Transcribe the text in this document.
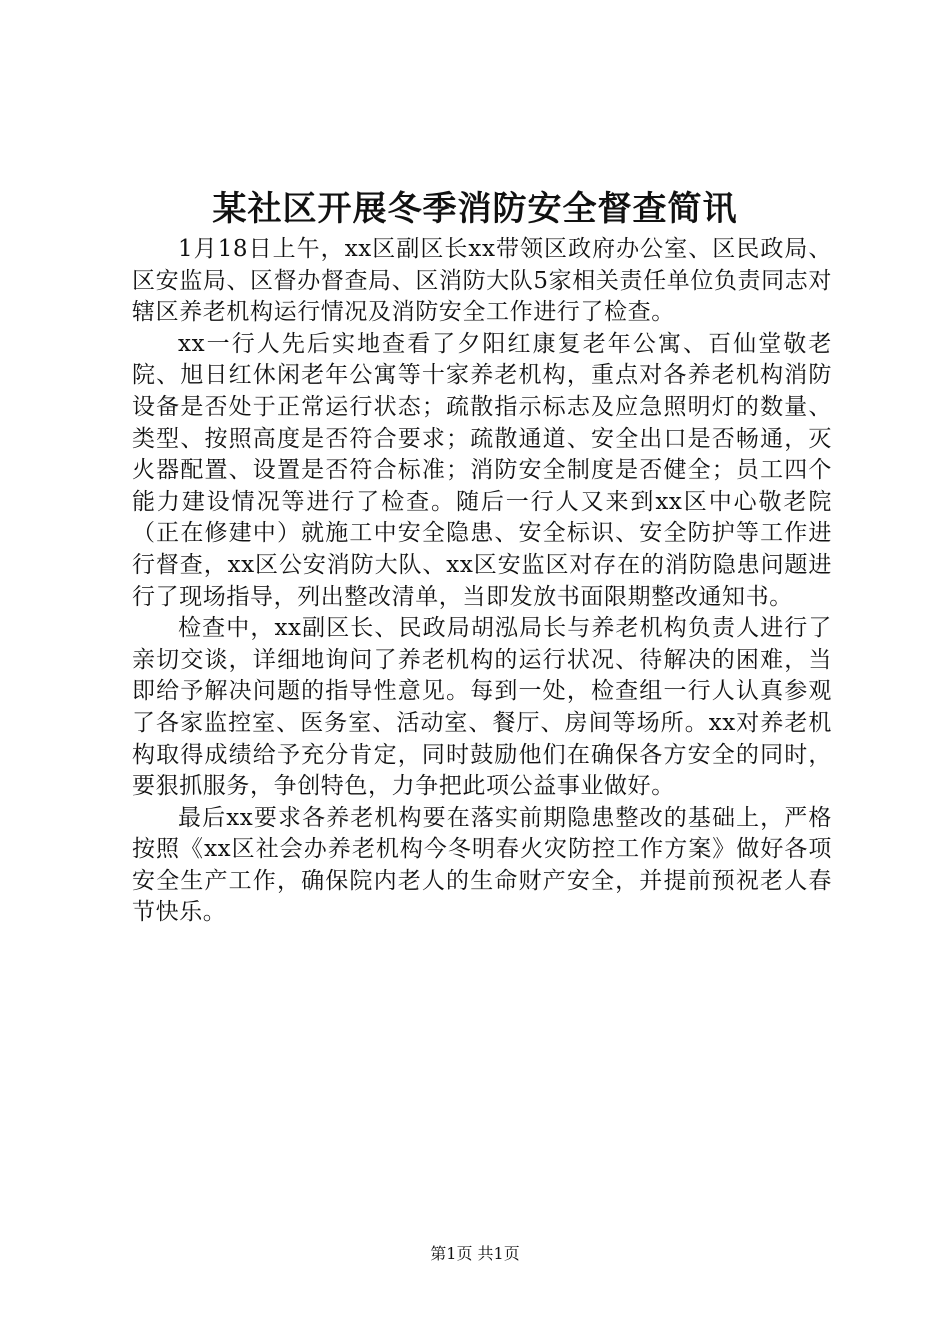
某社区开展冬季消防安全督查简讯

1月18日上午，xx区副区长xx带领区政府办公室、区民政局、区安监局、区督办督查局、区消防大队5家相关责任单位负责同志对辖区养老机构运行情况及消防安全工作进行了检查。

xx一行人先后实地查看了夕阳红康复老年公寓、百仙堂敬老院、旭日红休闲老年公寓等十家养老机构，重点对各养老机构消防设备是否处于正常运行状态；疏散指示标志及应急照明灯的数量、类型、按照高度是否符合要求；疏散通道、安全出口是否畅通，灭火器配置、设置是否符合标准；消防安全制度是否健全；员工四个能力建设情况等进行了检查。随后一行人又来到xx区中心敬老院（正在修建中）就施工中安全隐患、安全标识、安全防护等工作进行督查，xx区公安消防大队、xx区安监区对存在的消防隐患问题进行了现场指导，列出整改清单，当即发放书面限期整改通知书。

检查中，xx副区长、民政局胡泓局长与养老机构负责人进行了亲切交谈，详细地询问了养老机构的运行状况、待解决的困难，当即给予解决问题的指导性意见。每到一处，检查组一行人认真参观了各家监控室、医务室、活动室、餐厅、房间等场所。xx对养老机构取得成绩给予充分肯定，同时鼓励他们在确保各方安全的同时，要狠抓服务，争创特色，力争把此项公益事业做好。

最后xx要求各养老机构要在落实前期隐患整改的基础上，严格按照《xx区社会办养老机构今冬明春火灾防控工作方案》做好各项安全生产工作，确保院内老人的生命财产安全，并提前预祝老人春节快乐。

第1页 共1页
